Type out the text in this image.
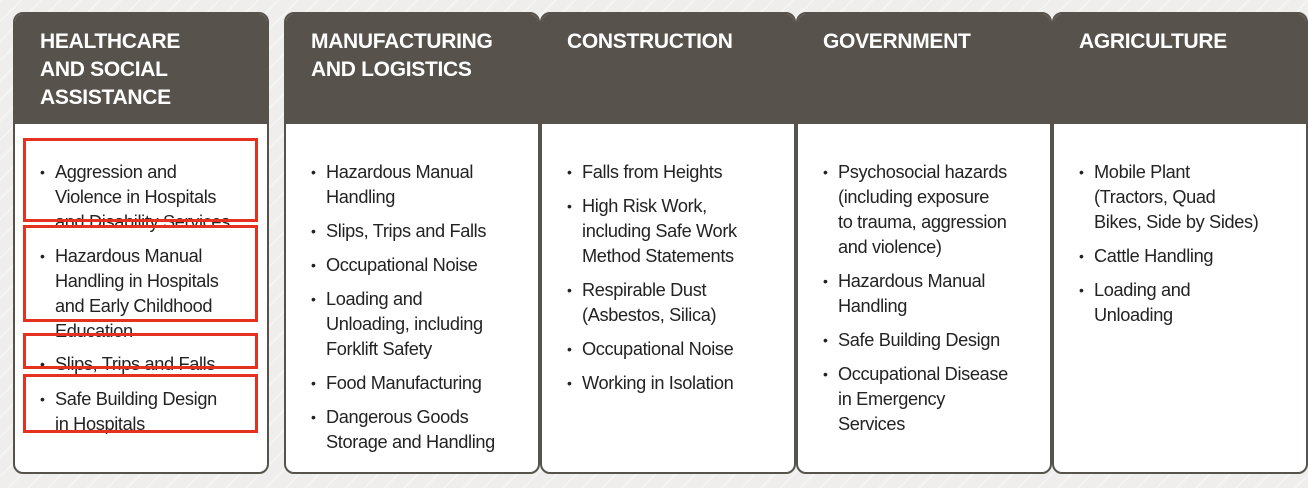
HEALTHCARE
AND SOCIAL
ASSISTANCE
• Aggression and
Violence in Hospitals
and Disability Services
• Hazardous Manual
Handling in Hospitals
and Early Childhood
Education
• Slips, Trips and Falls
• Safe Building Design
in Hospitals
MANUFACTURING
AND LOGISTICS
• Hazardous Manual
Handling
• Slips, Trips and Falls
• Occupational Noise
• Loading and
Unloading, including
Forklift Safety
• Food Manufacturing
• Dangerous Goods
Storage and Handling
CONSTRUCTION
• Falls from Heights
• High Risk Work,
including Safe Work
Method Statements
• Respirable Dust
(Asbestos, Silica)
• Occupational Noise
• Working in Isolation
GOVERNMENT
• Psychosocial hazards
(including exposure
to trauma, aggression
and violence)
• Hazardous Manual
Handling
• Safe Building Design
• Occupational Disease
in Emergency
Services
AGRICULTURE
• Mobile Plant
(Tractors, Quad
Bikes, Side by Sides)
• Cattle Handling
• Loading and
Unloading
